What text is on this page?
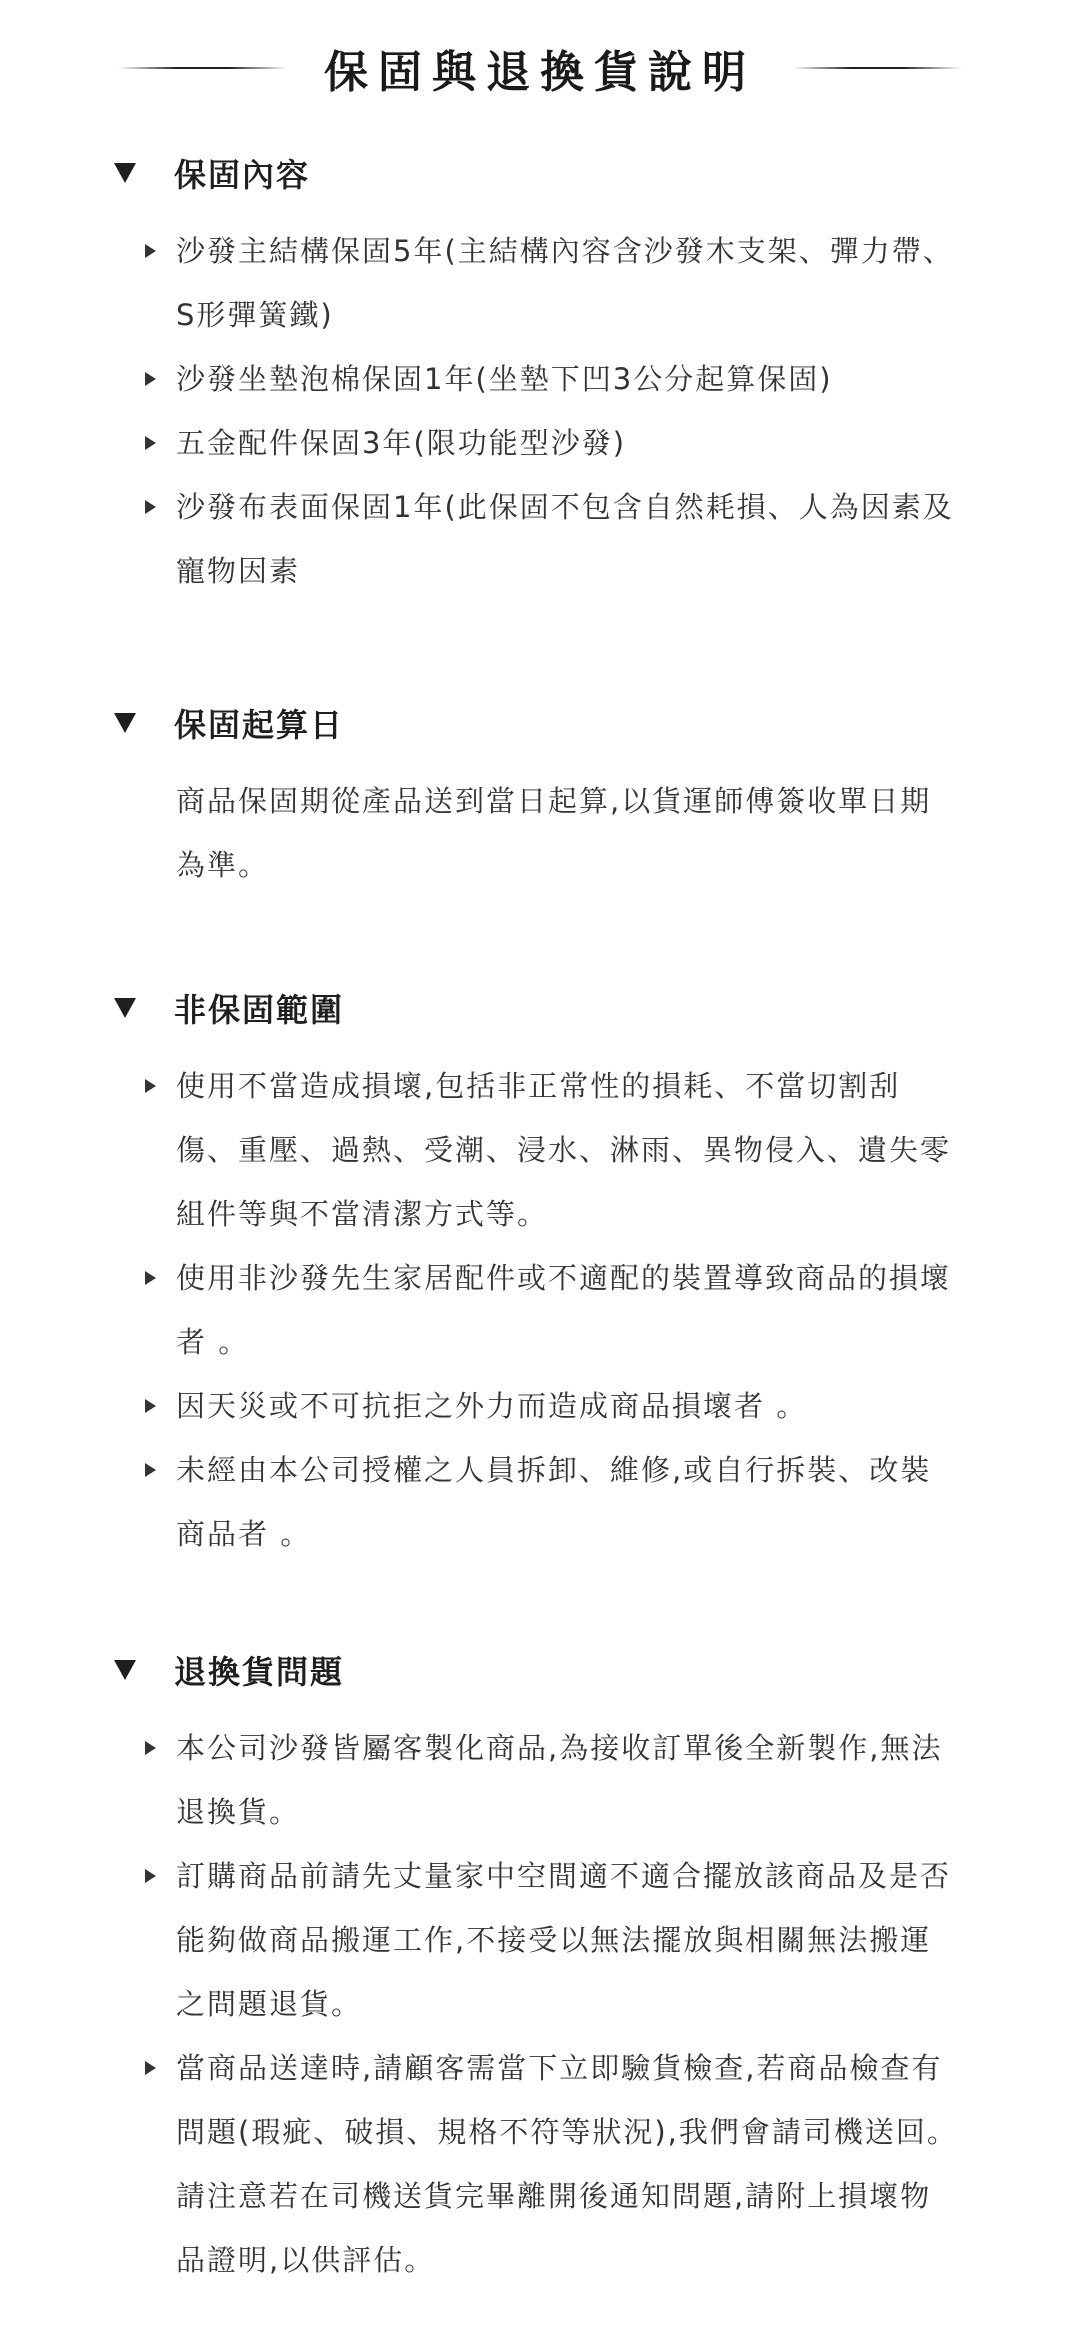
保固與退換貨說明
保固內容
沙發主結構保固5年(主結構內容含沙發木支架、彈力帶、S形彈簧鐵)
沙發坐墊泡棉保固1年(坐墊下凹3公分起算保固)
五金配件保固3年(限功能型沙發)
沙發布表面保固1年(此保固不包含自然耗損、人為因素及寵物因素
保固起算日

商品保固期從產品送到當日起算,以貨運師傅簽收單日期為準。

非保固範圍
使用不當造成損壞,包括非正常性的損耗、不當切割刮傷、重壓、過熱、受潮、浸水、淋雨、異物侵入、遺失零組件等與不當清潔方式等。
使用非沙發先生家居配件或不適配的裝置導致商品的損壞者 。
因天災或不可抗拒之外力而造成商品損壞者 。
未經由本公司授權之人員拆卸、維修,或自行拆裝、改裝商品者 。
退換貨問題
本公司沙發皆屬客製化商品,為接收訂單後全新製作,無法退換貨。
訂購商品前請先丈量家中空間適不適合擺放該商品及是否能夠做商品搬運工作,不接受以無法擺放與相關無法搬運之問題退貨。
當商品送達時,請顧客需當下立即驗貨檢查,若商品檢查有問題(瑕疵、破損、規格不符等狀況),我們會請司機送回。請注意若在司機送貨完畢離開後通知問題,請附上損壞物品證明,以供評估。
